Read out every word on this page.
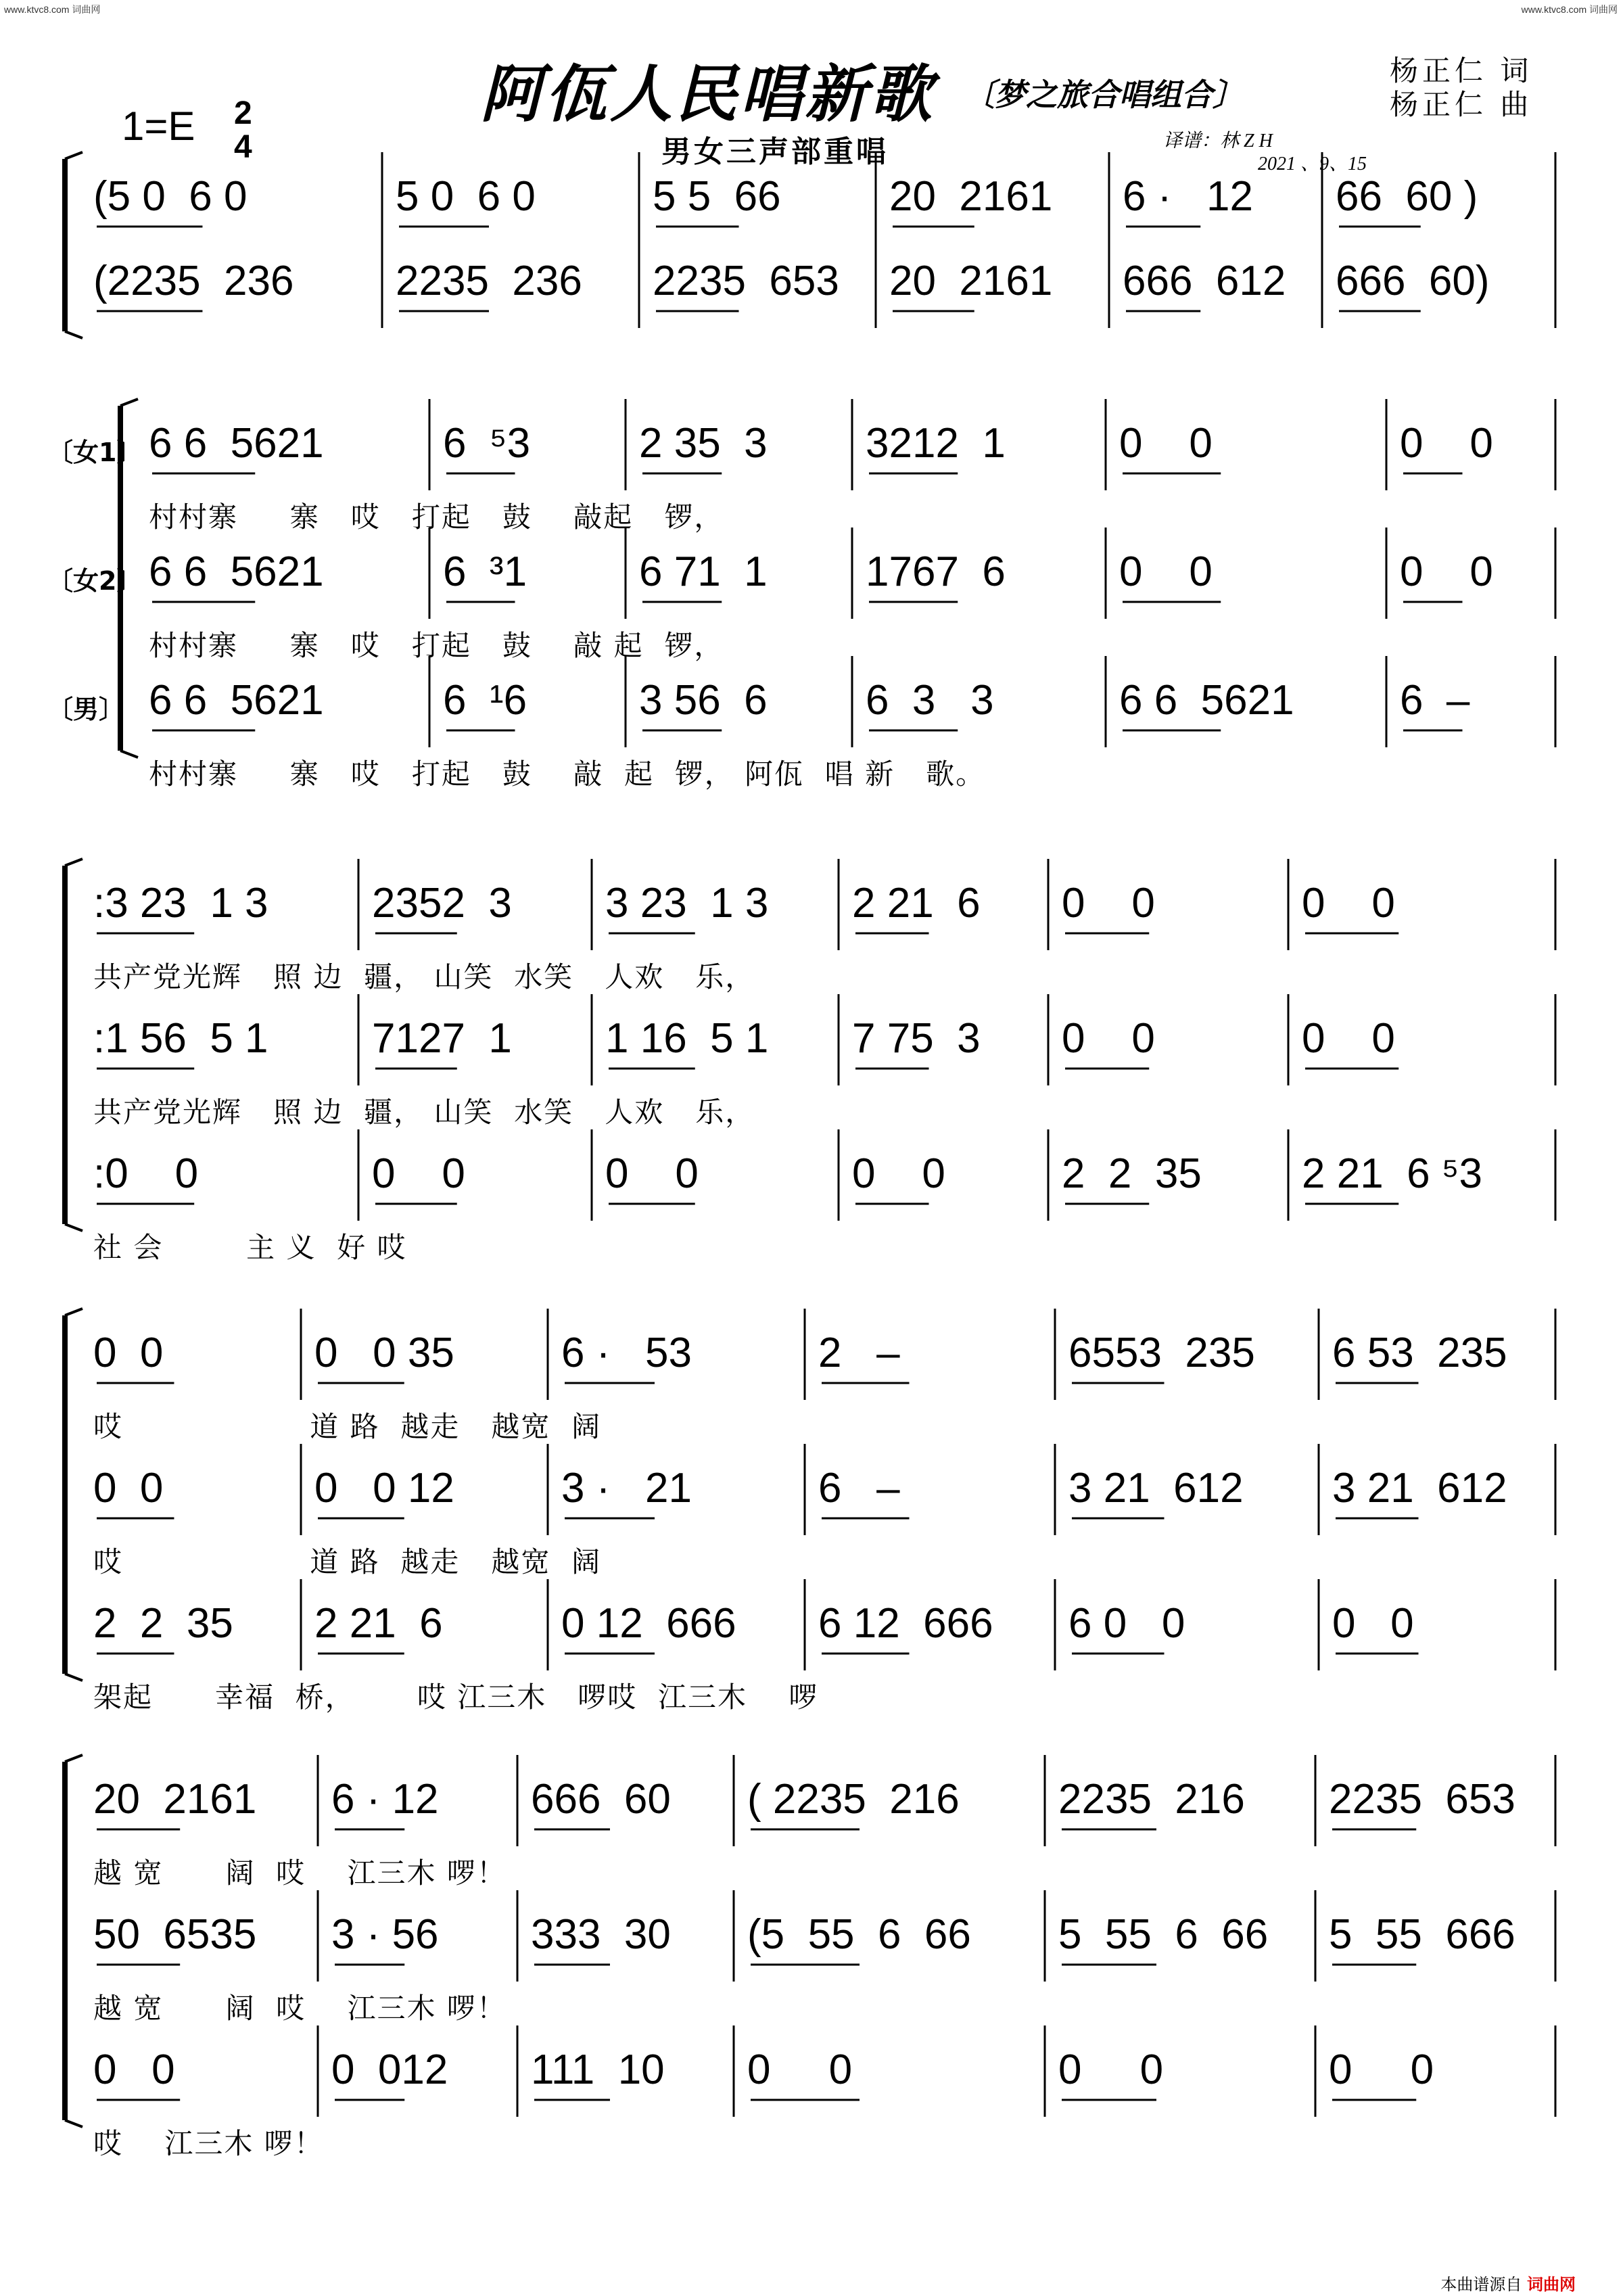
www.ktvc8.com 词曲网	www.ktvc8.com 词曲网
阿佤人民唱新歌 〔梦之旅合唱组合〕
杨正仁 词
杨正仁 曲
男女三声部重唱	译谱：林 Z H
2021 、9、15
1=E 2
4
本曲谱源自 词曲网
(5 0  6 0	5 0  6 0	5 5  66	20  2161	6 ·   12	66  60 )
(2235  236	2235  236	2235  653	20  2161	666  612	666  60)
〔女1〕 6 6  5621	6  ⁵3	2 35  3	3212  1	0    0	0    0
村村寨     寨   哎   打起   鼓    敲起   锣，
〔女2〕 6 6  5621	6  ³1	6 71  1	1767  6	0    0	0    0
村村寨     寨   哎   打起   鼓    敲 起  锣，
〔男〕 6 6  5621	6  ¹6	3 56  6	6  3   3	6 6  5621	6  –
村村寨     寨   哎   打起   鼓    敲  起  锣， 阿佤  唱 新   歌。
:3 23  1 3	2352  3	3 23  1 3	2 21  6	0    0	0    0
共产党光辉   照 边  疆， 山笑  水笑   人欢   乐，
:1 56  5 1	7127  1	1 16  5 1	7 75  3	0    0	0    0
共产党光辉   照 边  疆， 山笑  水笑   人欢   乐，
:0    0	0    0	0    0	0    0	2  2  35	2 21  6 ⁵3
社 会        主 义  好 哎
0  0	0   0 35	6 ·   53	2   –	6553  235	6 53  235
哎                  道 路  越走   越宽  阔
0  0	0   0 12	3 ·   21	6   –	3 21  612	3 21  612
哎                  道 路  越走   越宽  阔
2  2  35	2 21  6	0 12  666	6 12  666	6 0   0	0   0
架起      幸福  桥，      哎 江三木   啰哎  江三木    啰
20  2161	6 · 12	666  60	( 2235  216	2235  216	2235  653
越 宽      阔  哎    江三木 啰！
50  6535	3 · 56	333  30	(5  55  6  66	5  55  6  66	5  55  666
越 宽      阔  哎    江三木 啰！
0   0	0  012	111  10	0     0	0     0	0     0
哎    江三木 啰！
